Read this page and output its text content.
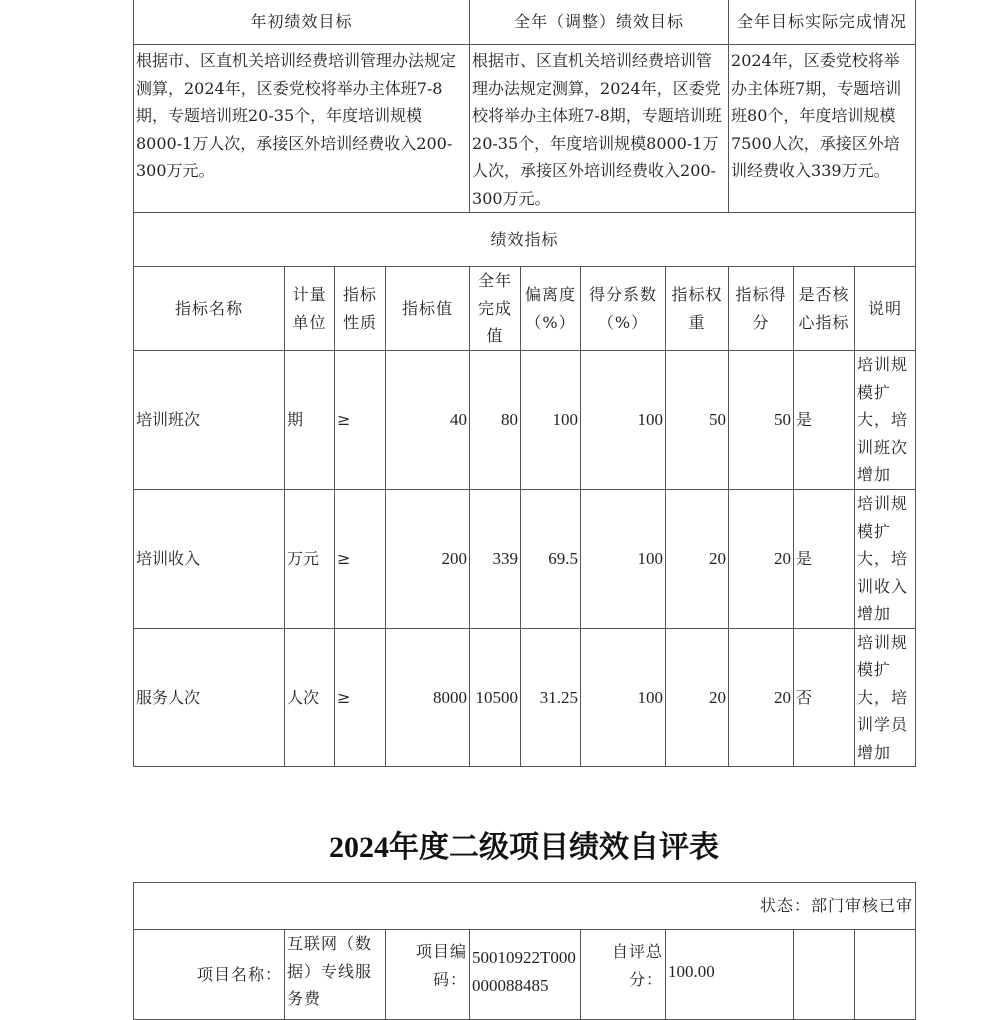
年初绩效目标				全年（调整）绩效目标				全年目标实际完成情况		
根据市、区直机关培训经费培训管理办法规定测算，2024年，区委党校将举办主体班7-8期，专题培训班20-35个，年度培训规模8000-1万人次，承接区外培训经费收入200-300万元。				根据市、区直机关培训经费培训管理办法规定测算，2024年，区委党校将举办主体班7-8期，专题培训班20-35个，年度培训规模8000-1万人次，承接区外培训经费收入200-300万元。				2024年，区委党校将举办主体班7期，专题培训班80个，年度培训规模7500人次，承接区外培训经费收入339万元。		
绩效指标										
指标名称	计量单位	指标性质	指标值	全年完成值	偏离度（%）	得分系数（%）	指标权重	指标得分	是否核心指标	说明
培训班次	期	≥	40	80	100	100	50	50	是	培训规模扩大，培训班次增加
培训收入	万元	≥	200	339	69.5	100	20	20	是	培训规模扩大，培训收入增加
服务人次	人次	≥	8000	10500	31.25	100	20	20	否	培训规模扩大，培训学员增加
2024年度二级项目绩效自评表
状态：部门审核已审
项目名称：	互联网（数据）专线服务费	项目编码：	50010922T000000088485	自评总分：	100.00		
